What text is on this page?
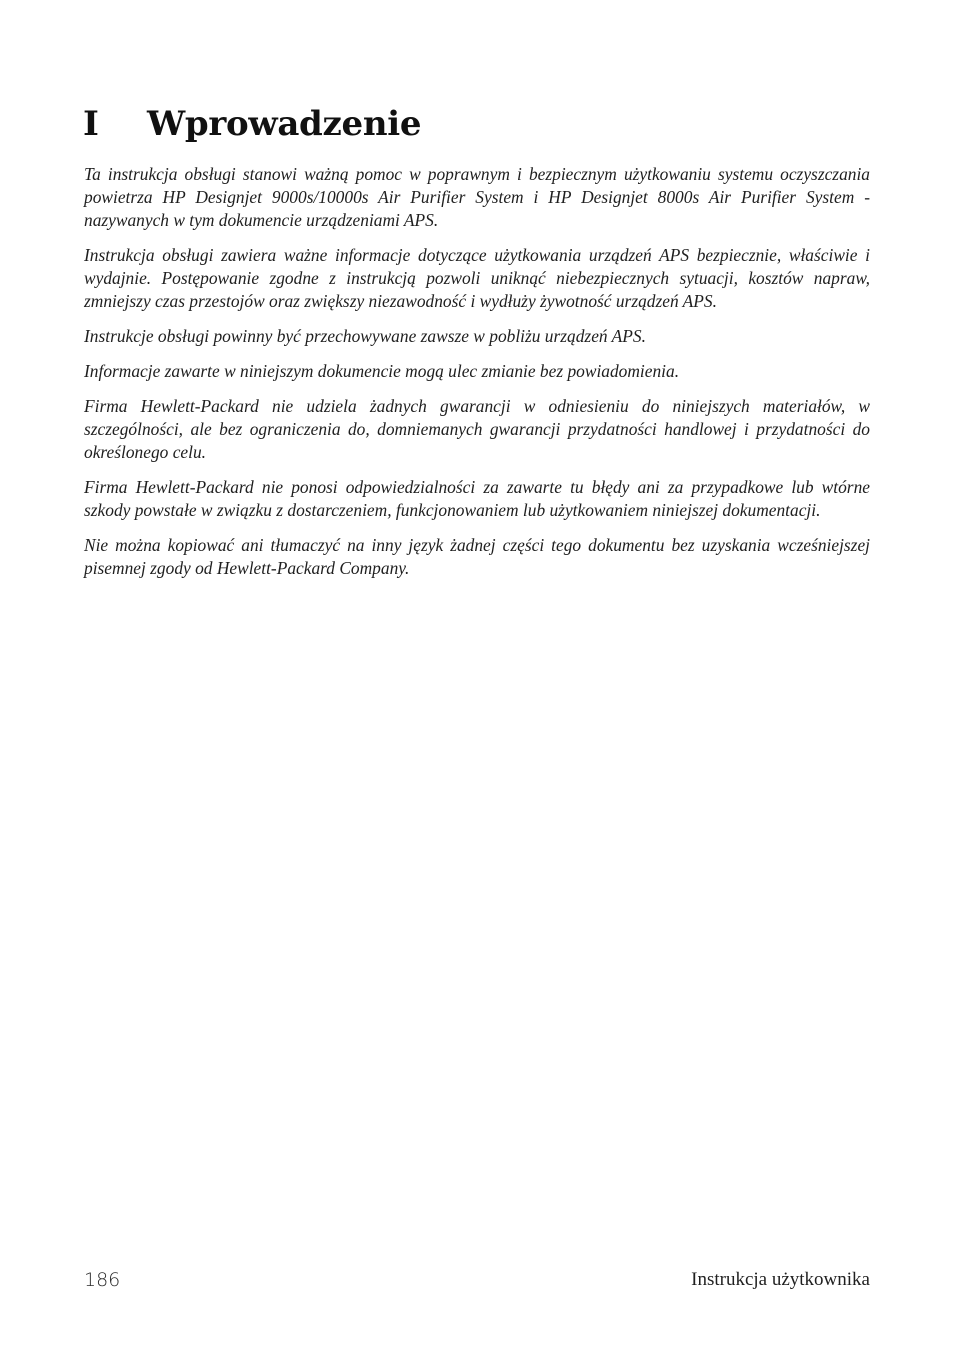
I Wprowadzenie

Ta instrukcja obsługi stanowi ważną pomoc w poprawnym i bezpiecznym użytkowaniu systemu oczyszczania powietrza HP Designjet 9000s/10000s Air Purifier System i HP Designjet 8000s Air Purifier System - nazywanych w tym dokumencie urządzeniami APS.

Instrukcja obsługi zawiera ważne informacje dotyczące użytkowania urządzeń APS bezpiecznie, właściwie i wydajnie. Postępowanie zgodne z instrukcją pozwoli uniknąć niebezpiecznych sytuacji, kosztów napraw, zmniejszy czas przestojów oraz zwiększy niezawodność i wydłuży żywotność urządzeń APS.

Instrukcje obsługi powinny być przechowywane zawsze w pobliżu urządzeń APS.

Informacje zawarte w niniejszym dokumencie mogą ulec zmianie bez powiadomienia.

Firma Hewlett-Packard nie udziela żadnych gwarancji w odniesieniu do niniejszych materiałów, w szczególności, ale bez ograniczenia do, domniemanych gwarancji przydatności handlowej i przydatności do określonego celu.

Firma Hewlett-Packard nie ponosi odpowiedzialności za zawarte tu błędy ani za przypadkowe lub wtórne szkody powstałe w związku z dostarczeniem, funkcjonowaniem lub użytkowaniem niniejszej dokumentacji.

Nie można kopiować ani tłumaczyć na inny język żadnej części tego dokumentu bez uzyskania wcześniejszej pisemnej zgody od Hewlett-Packard Company.

186	Instrukcja użytkownika
